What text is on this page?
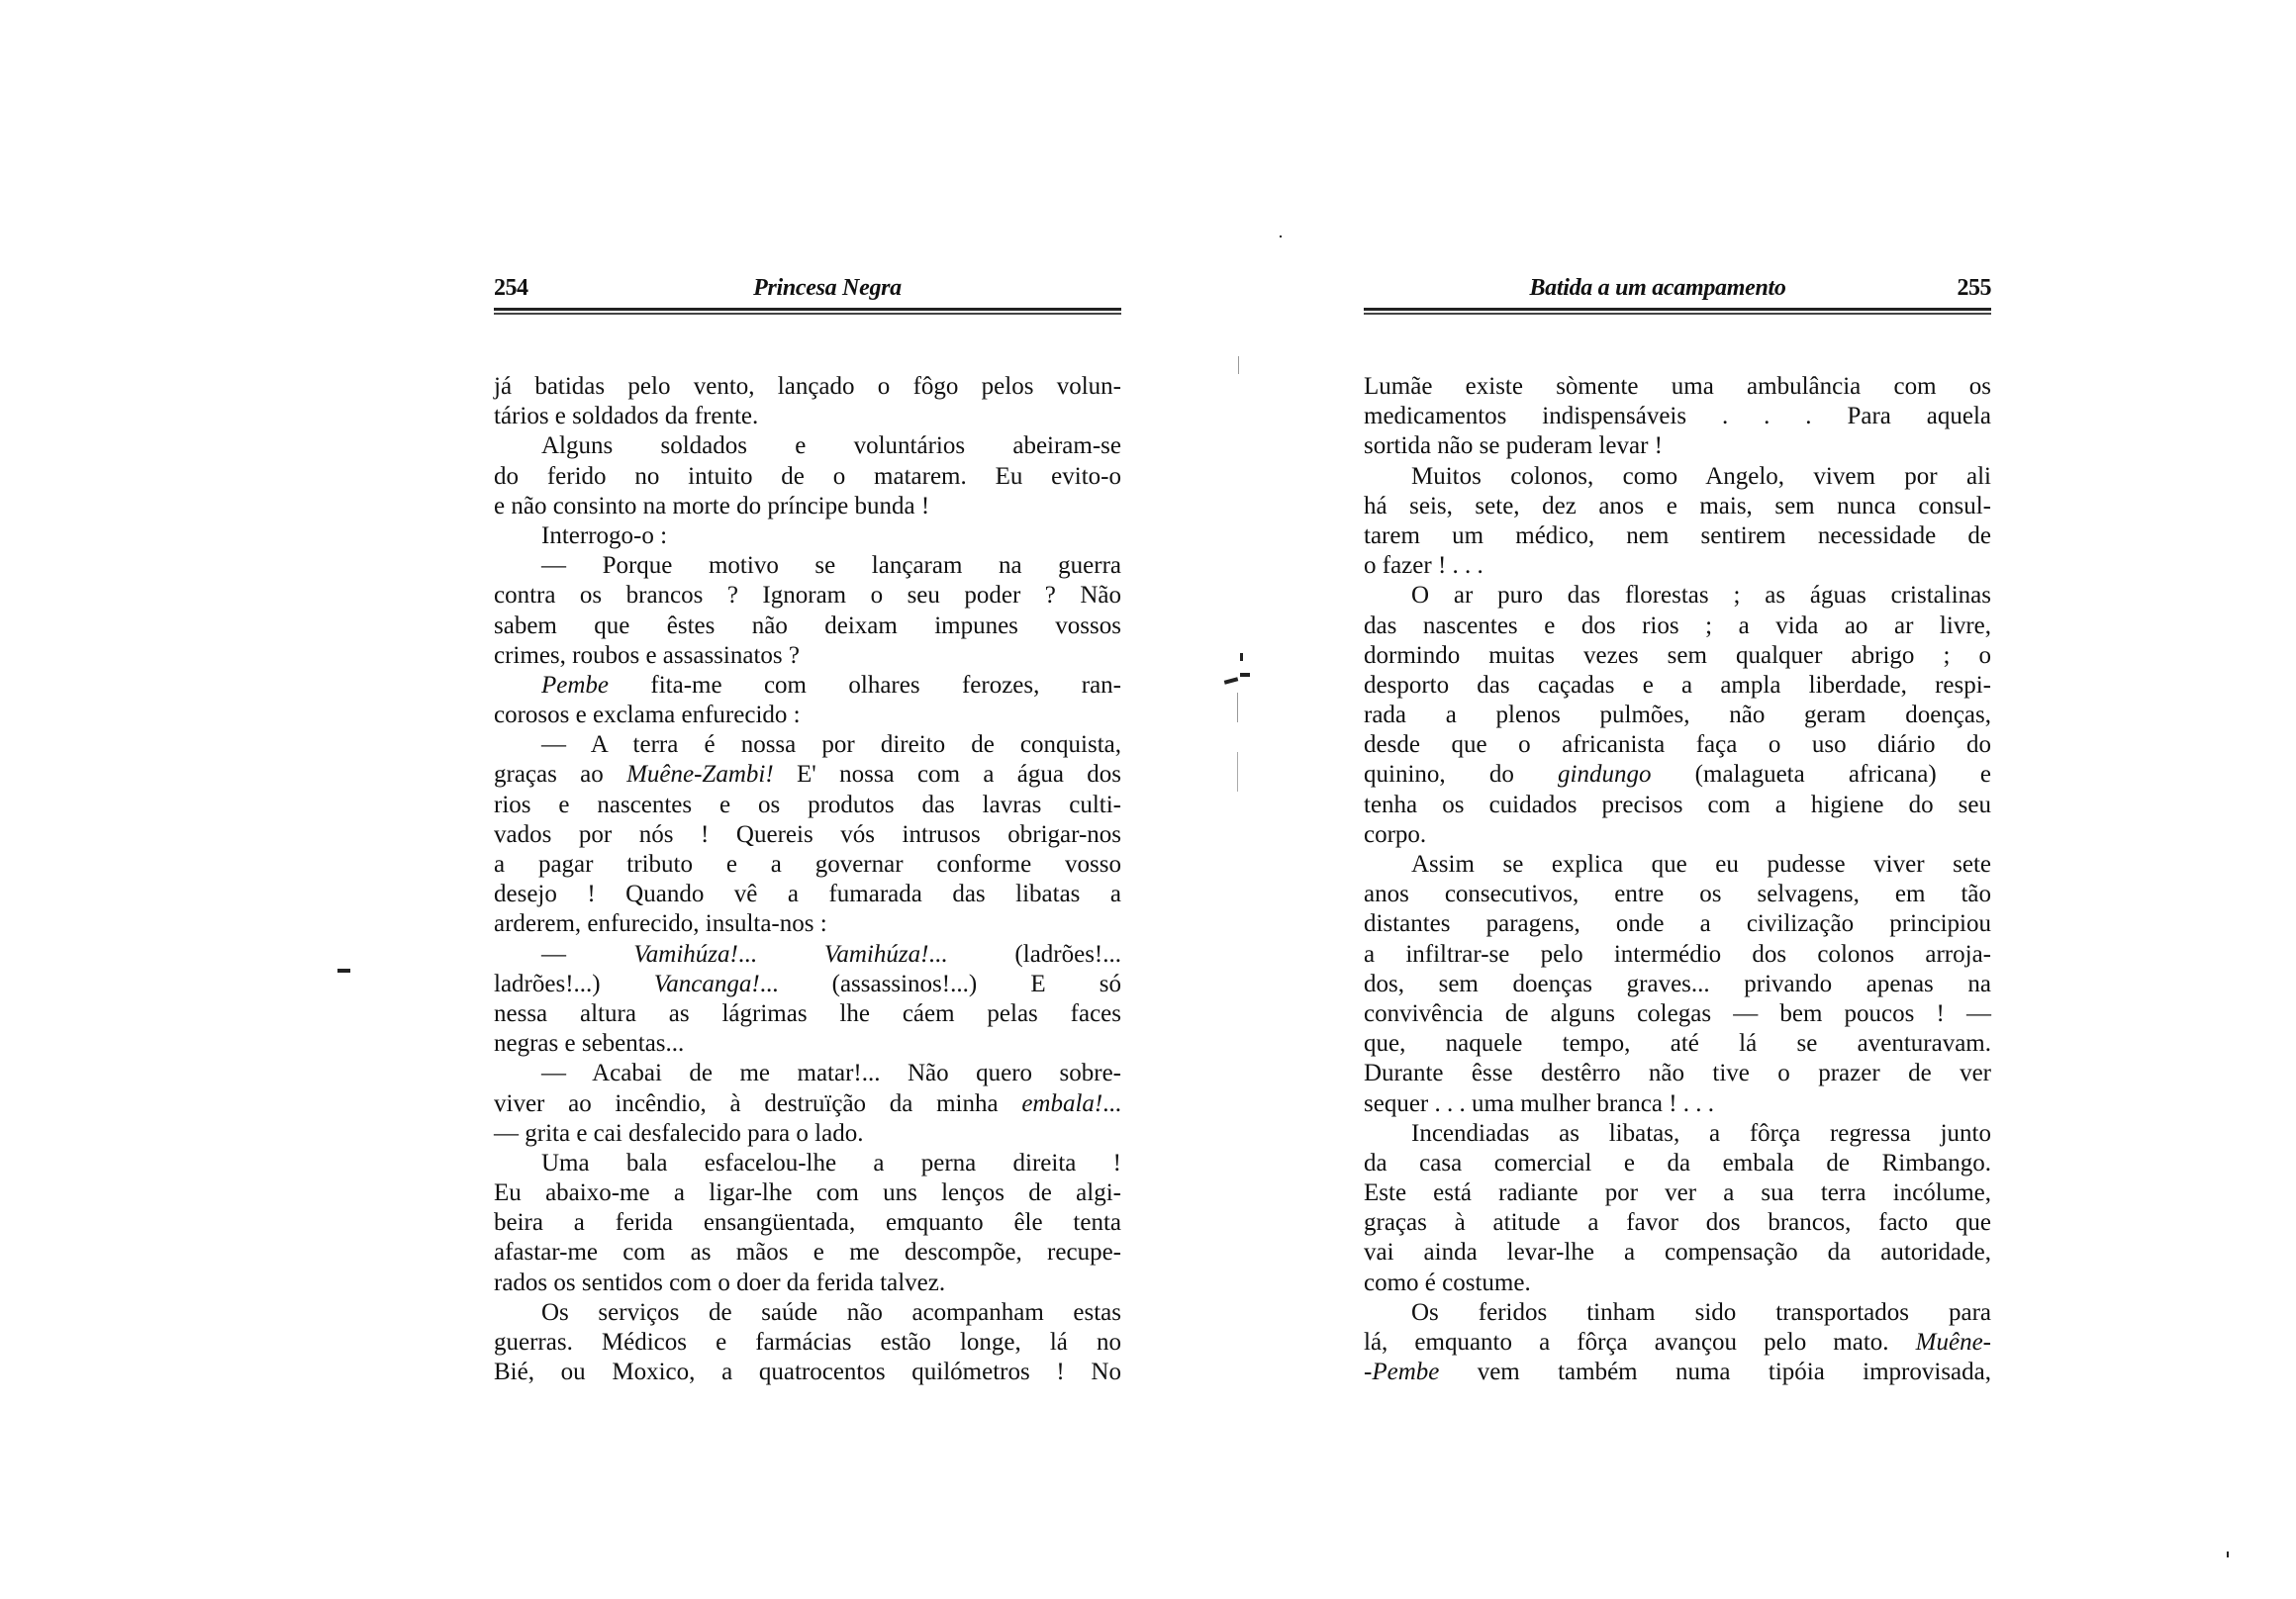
254	Princesa Negra
já batidas pelo vento, lançado o fôgo pelos volun-
tários e soldados da frente.
Alguns soldados e voluntários abeiram-se
do ferido no intuito de o matarem. Eu evito-o
e não consinto na morte do príncipe bunda !
Interrogo-o :
— Porque motivo se lançaram na guerra
contra os brancos ? Ignoram o seu poder ? Não
sabem que êstes não deixam impunes vossos
crimes, roubos e assassinatos ?
Pembe fita-me com olhares ferozes, ran-
corosos e exclama enfurecido :
— A terra é nossa por direito de conquista,
graças ao Muêne-Zambi! E' nossa com a água dos
rios e nascentes e os produtos das lavras culti-
vados por nós ! Quereis vós intrusos obrigar-nos
a pagar tributo e a governar conforme vosso
desejo ! Quando vê a fumarada das libatas a
arderem, enfurecido, insulta-nos :
— Vamihúza!... Vamihúza!... (ladrões!...
ladrões!...) Vancanga!... (assassinos!...) E só
nessa altura as lágrimas lhe cáem pelas faces
negras e sebentas...
— Acabai de me matar!... Não quero sobre-
viver ao incêndio, à destruïção da minha embala!...
— grita e cai desfalecido para o lado.
Uma bala esfacelou-lhe a perna direita !
Eu abaixo-me a ligar-lhe com uns lenços de algi-
beira a ferida ensangüentada, emquanto êle tenta
afastar-me com as mãos e me descompõe, recupe-
rados os sentidos com o doer da ferida talvez.
Os serviços de saúde não acompanham estas
guerras. Médicos e farmácias estão longe, lá no
Bié, ou Moxico, a quatrocentos quilómetros ! No
Batida a um acampamento	255
Lumãe existe sòmente uma ambulância com os
medicamentos indispensáveis . . . Para aquela
sortida não se puderam levar !
Muitos colonos, como Angelo, vivem por ali
há seis, sete, dez anos e mais, sem nunca consul-
tarem um médico, nem sentirem necessidade de
o fazer ! . . .
O ar puro das florestas ; as águas cristalinas
das nascentes e dos rios ; a vida ao ar livre,
dormindo muitas vezes sem qualquer abrigo ; o
desporto das caçadas e a ampla liberdade, respi-
rada a plenos pulmões, não geram doenças,
desde que o africanista faça o uso diário do
quinino, do gindungo (malagueta africana) e
tenha os cuidados precisos com a higiene do seu
corpo.
Assim se explica que eu pudesse viver sete
anos consecutivos, entre os selvagens, em tão
distantes paragens, onde a civilização principiou
a infiltrar-se pelo intermédio dos colonos arroja-
dos, sem doenças graves... privando apenas na
convivência de alguns colegas — bem poucos ! —
que, naquele tempo, até lá se aventuravam.
Durante êsse destêrro não tive o prazer de ver
sequer . . . uma mulher branca ! . . .
Incendiadas as libatas, a fôrça regressa junto
da casa comercial e da embala de Rimbango.
Este está radiante por ver a sua terra incólume,
graças à atitude a favor dos brancos, facto que
vai ainda levar-lhe a compensação da autoridade,
como é costume.
Os feridos tinham sido transportados para
lá, emquanto a fôrça avançou pelo mato. Muêne-
-Pembe vem também numa tipóia improvisada,
